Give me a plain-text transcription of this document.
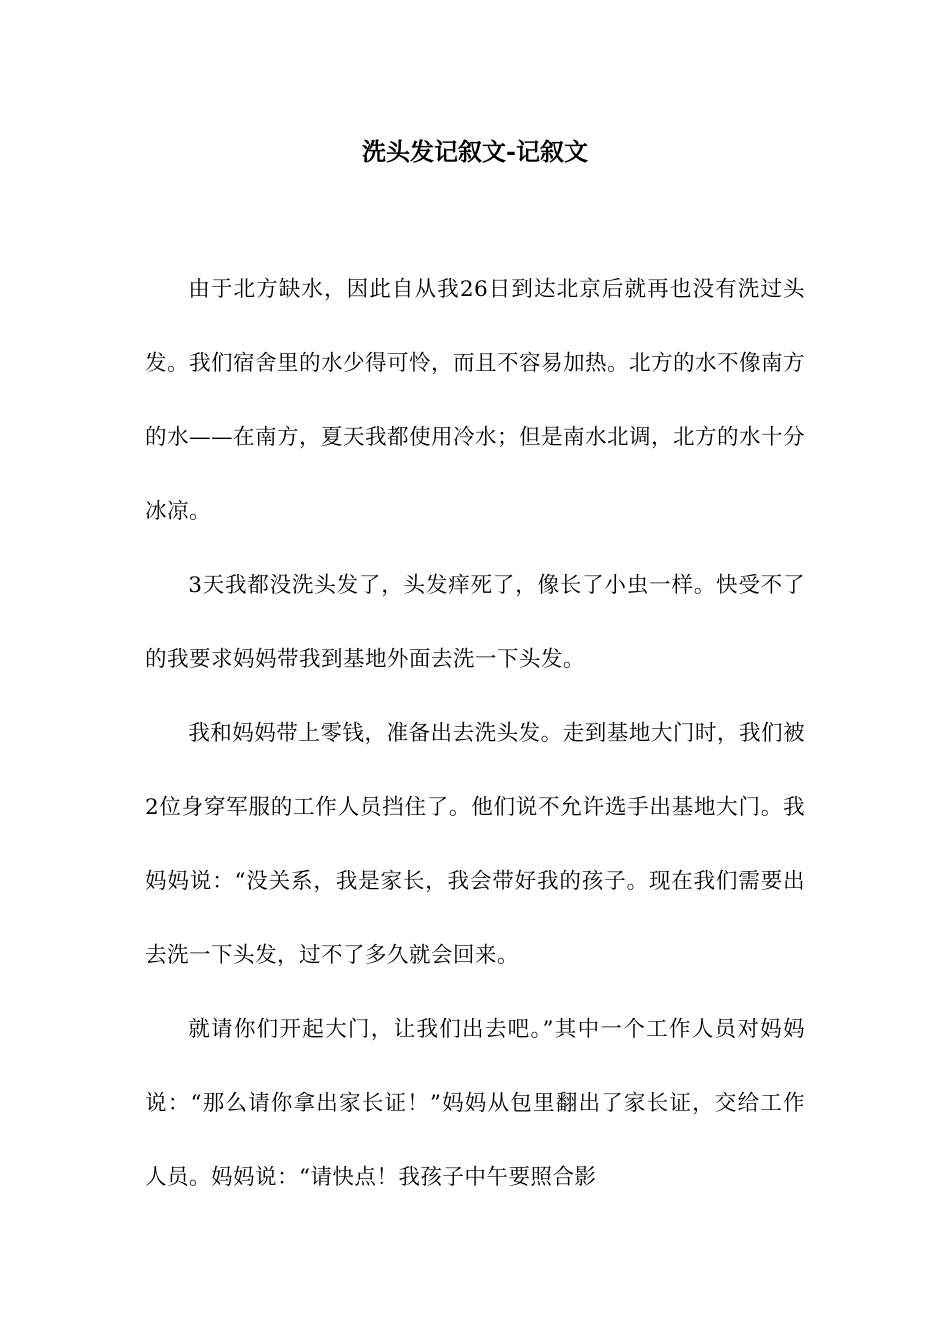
洗头发记叙文-记叙文

由于北方缺水，因此自从我26日到达北京后就再也没有洗过头发。我们宿舍里的水少得可怜，而且不容易加热。北方的水不像南方的水——在南方，夏天我都使用冷水；但是南水北调，北方的水十分冰凉。

3天我都没洗头发了，头发痒死了，像长了小虫一样。快受不了的我要求妈妈带我到基地外面去洗一下头发。

我和妈妈带上零钱，准备出去洗头发。走到基地大门时，我们被2位身穿军服的工作人员挡住了。他们说不允许选手出基地大门。我妈妈说：“没关系，我是家长，我会带好我的孩子。现在我们需要出去洗一下头发，过不了多久就会回来。

就请你们开起大门，让我们出去吧。”其中一个工作人员对妈妈说：“那么请你拿出家长证！”妈妈从包里翻出了家长证，交给工作人员。妈妈说：“请快点！我孩子中午要照合影
